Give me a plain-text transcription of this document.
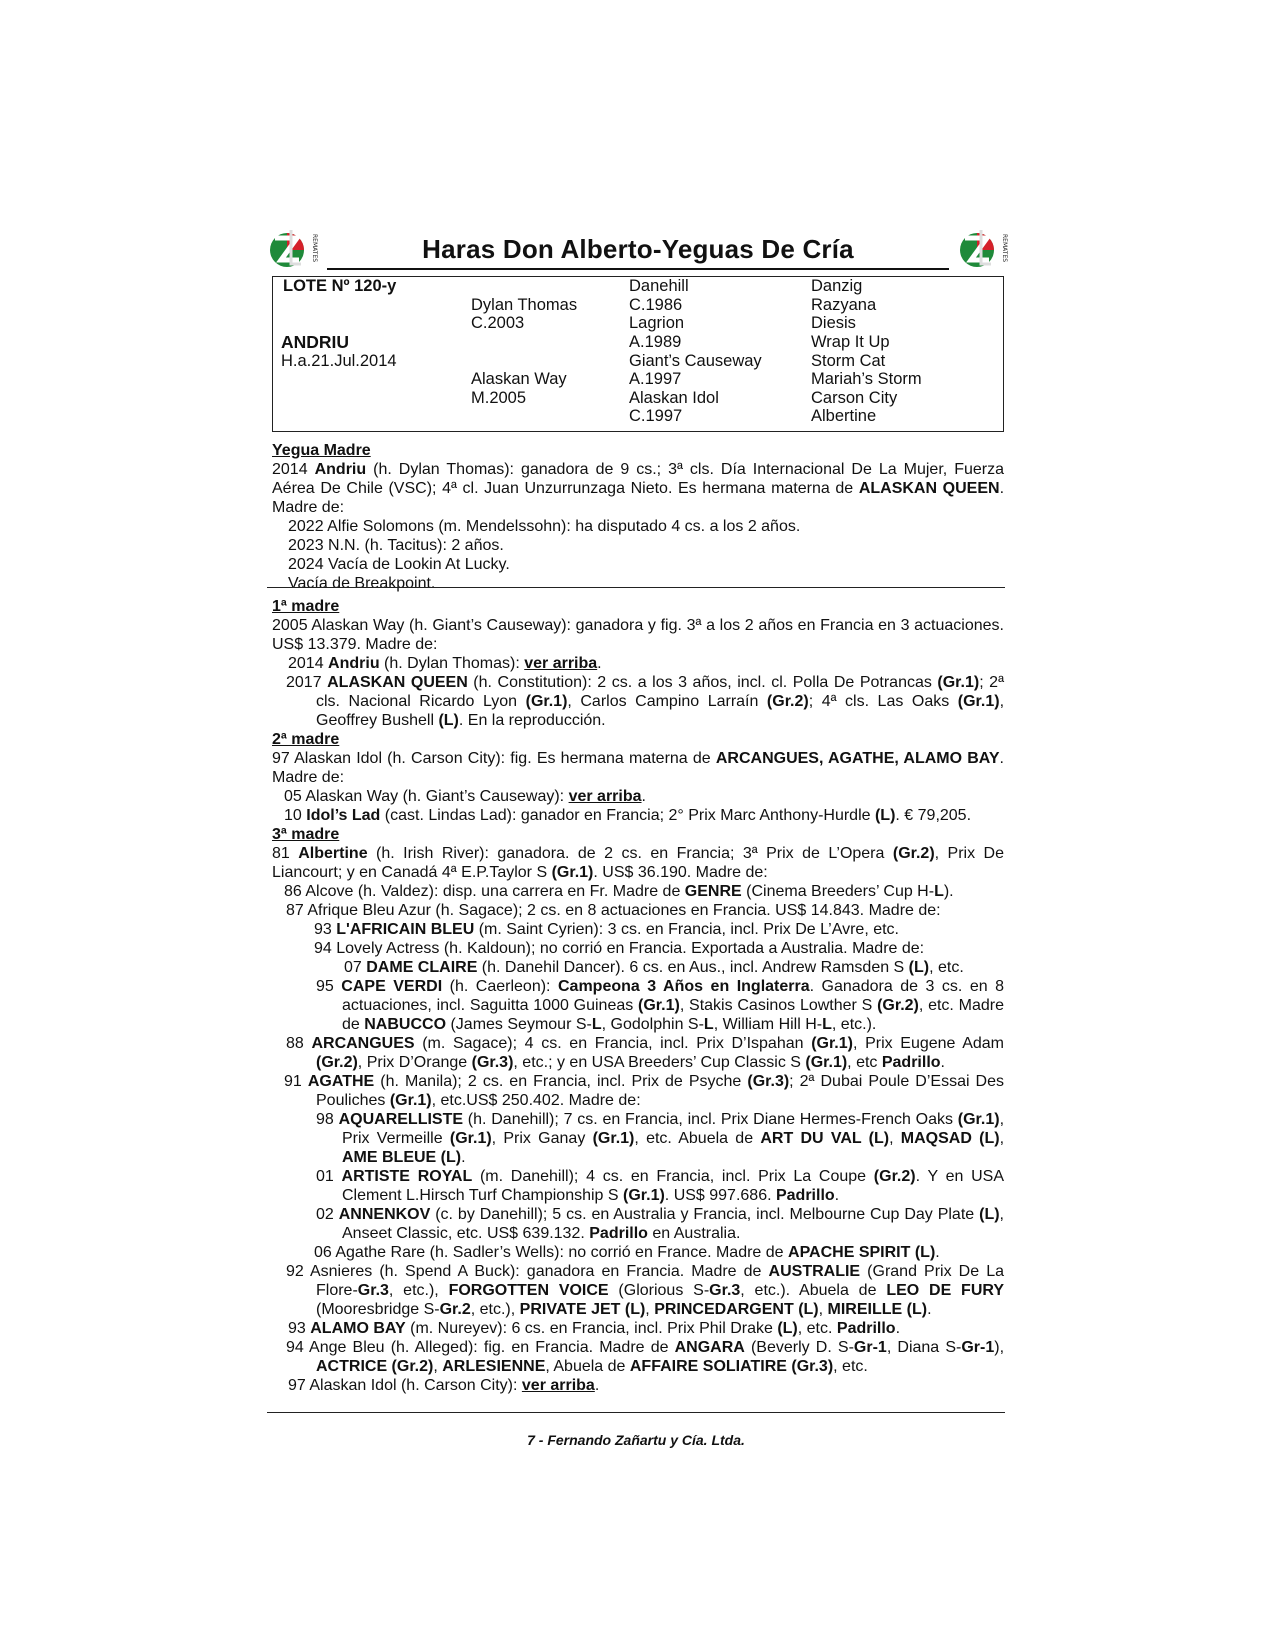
REMATES	Haras Don Alberto-Yeguas De Cría	REMATES
LOTE Nº 120-y
ANDRIU
H.a.21.Jul.2014
Dylan Thomas
C.2003
Alaskan Way
M.2005
Danehill
C.1986
Lagrion
A.1989
Giant’s Causeway
A.1997
Alaskan Idol
C.1997
Danzig
Razyana
Diesis
Wrap It Up
Storm Cat
Mariah’s Storm
Carson City
Albertine
Yegua Madre
2014 Andriu (h. Dylan Thomas): ganadora de 9 cs.; 3ª cls. Día Internacional De La Mujer, Fuerza Aérea De Chile (VSC); 4ª cl. Juan Unzurrunzaga Nieto. Es hermana materna de ALASKAN QUEEN. Madre de:
2022 Alfie Solomons (m. Mendelssohn): ha disputado 4 cs. a los 2 años.
2023 N.N. (h. Tacitus): 2 años.
2024 Vacía de Lookin At Lucky.
Vacía de Breakpoint.
1ª madre
2005 Alaskan Way (h. Giant’s Causeway): ganadora y fig. 3ª a los 2 años en Francia en 3 actuaciones. US$ 13.379. Madre de:
2014 Andriu (h. Dylan Thomas): ver arriba.
2017 ALASKAN QUEEN (h. Constitution): 2 cs. a los 3 años, incl. cl. Polla De Potrancas (Gr.1); 2ª cls. Nacional Ricardo Lyon (Gr.1), Carlos Campino Larraín (Gr.2); 4ª cls. Las Oaks (Gr.1), Geoffrey Bushell (L). En la reproducción.
2ª madre
97 Alaskan Idol (h. Carson City): fig. Es hermana materna de ARCANGUES, AGATHE, ALAMO BAY. Madre de:
05 Alaskan Way (h. Giant’s Causeway): ver arriba.
10 Idol’s Lad (cast. Lindas Lad): ganador en Francia; 2° Prix Marc Anthony-Hurdle (L). € 79,205.
3ª madre
81 Albertine (h. Irish River): ganadora. de 2 cs. en Francia; 3ª Prix de L’Opera (Gr.2), Prix De Liancourt; y en Canadá 4ª E.P.Taylor S (Gr.1). US$ 36.190. Madre de:
86 Alcove (h. Valdez): disp. una carrera en Fr. Madre de GENRE (Cinema Breeders’ Cup H-L).
87 Afrique Bleu Azur (h. Sagace); 2 cs. en 8 actuaciones en Francia. US$ 14.843. Madre de:
93 L'AFRICAIN BLEU (m. Saint Cyrien): 3 cs. en Francia, incl. Prix De L’Avre, etc.
94 Lovely Actress (h. Kaldoun); no corrió en Francia. Exportada a Australia. Madre de:
07 DAME CLAIRE (h. Danehil Dancer). 6 cs. en Aus., incl. Andrew Ramsden S (L), etc.
95 CAPE VERDI (h. Caerleon): Campeona 3 Años en Inglaterra. Ganadora de 3 cs. en 8 actuaciones, incl. Saguitta 1000 Guineas (Gr.1), Stakis Casinos Lowther S (Gr.2), etc. Madre de NABUCCO (James Seymour S-L, Godolphin S-L, William Hill H-L, etc.).
88 ARCANGUES (m. Sagace); 4 cs. en Francia, incl. Prix D’Ispahan (Gr.1), Prix Eugene Adam (Gr.2), Prix D’Orange (Gr.3), etc.; y en USA Breeders’ Cup Classic S (Gr.1), etc Padrillo.
91 AGATHE (h. Manila); 2 cs. en Francia, incl. Prix de Psyche (Gr.3); 2ª Dubai Poule D’Essai Des Pouliches (Gr.1), etc.US$ 250.402. Madre de:
98 AQUARELLISTE (h. Danehill); 7 cs. en Francia, incl. Prix Diane Hermes-French Oaks (Gr.1), Prix Vermeille (Gr.1), Prix Ganay (Gr.1), etc. Abuela de ART DU VAL (L), MAQSAD (L), AME BLEUE (L).
01 ARTISTE ROYAL (m. Danehill); 4 cs. en Francia, incl. Prix La Coupe (Gr.2). Y en USA Clement L.Hirsch Turf Championship S (Gr.1). US$ 997.686. Padrillo.
02 ANNENKOV (c. by Danehill); 5 cs. en Australia y Francia, incl. Melbourne Cup Day Plate (L), Anseet Classic, etc. US$ 639.132. Padrillo en Australia.
06 Agathe Rare (h. Sadler’s Wells): no corrió en France. Madre de APACHE SPIRIT (L).
92 Asnieres (h. Spend A Buck): ganadora en Francia. Madre de AUSTRALIE (Grand Prix De La Flore-Gr.3, etc.), FORGOTTEN VOICE (Glorious S-Gr.3, etc.). Abuela de LEO DE FURY (Mooresbridge S-Gr.2, etc.), PRIVATE JET (L), PRINCEDARGENT (L), MIREILLE (L).
93 ALAMO BAY (m. Nureyev): 6 cs. en Francia, incl. Prix Phil Drake (L), etc. Padrillo.
94 Ange Bleu (h. Alleged): fig. en Francia. Madre de ANGARA (Beverly D. S-Gr-1, Diana S-Gr-1), ACTRICE (Gr.2), ARLESIENNE, Abuela de AFFAIRE SOLIATIRE (Gr.3), etc.
97 Alaskan Idol (h. Carson City): ver arriba.
7 - Fernando Zañartu y Cía. Ltda.
